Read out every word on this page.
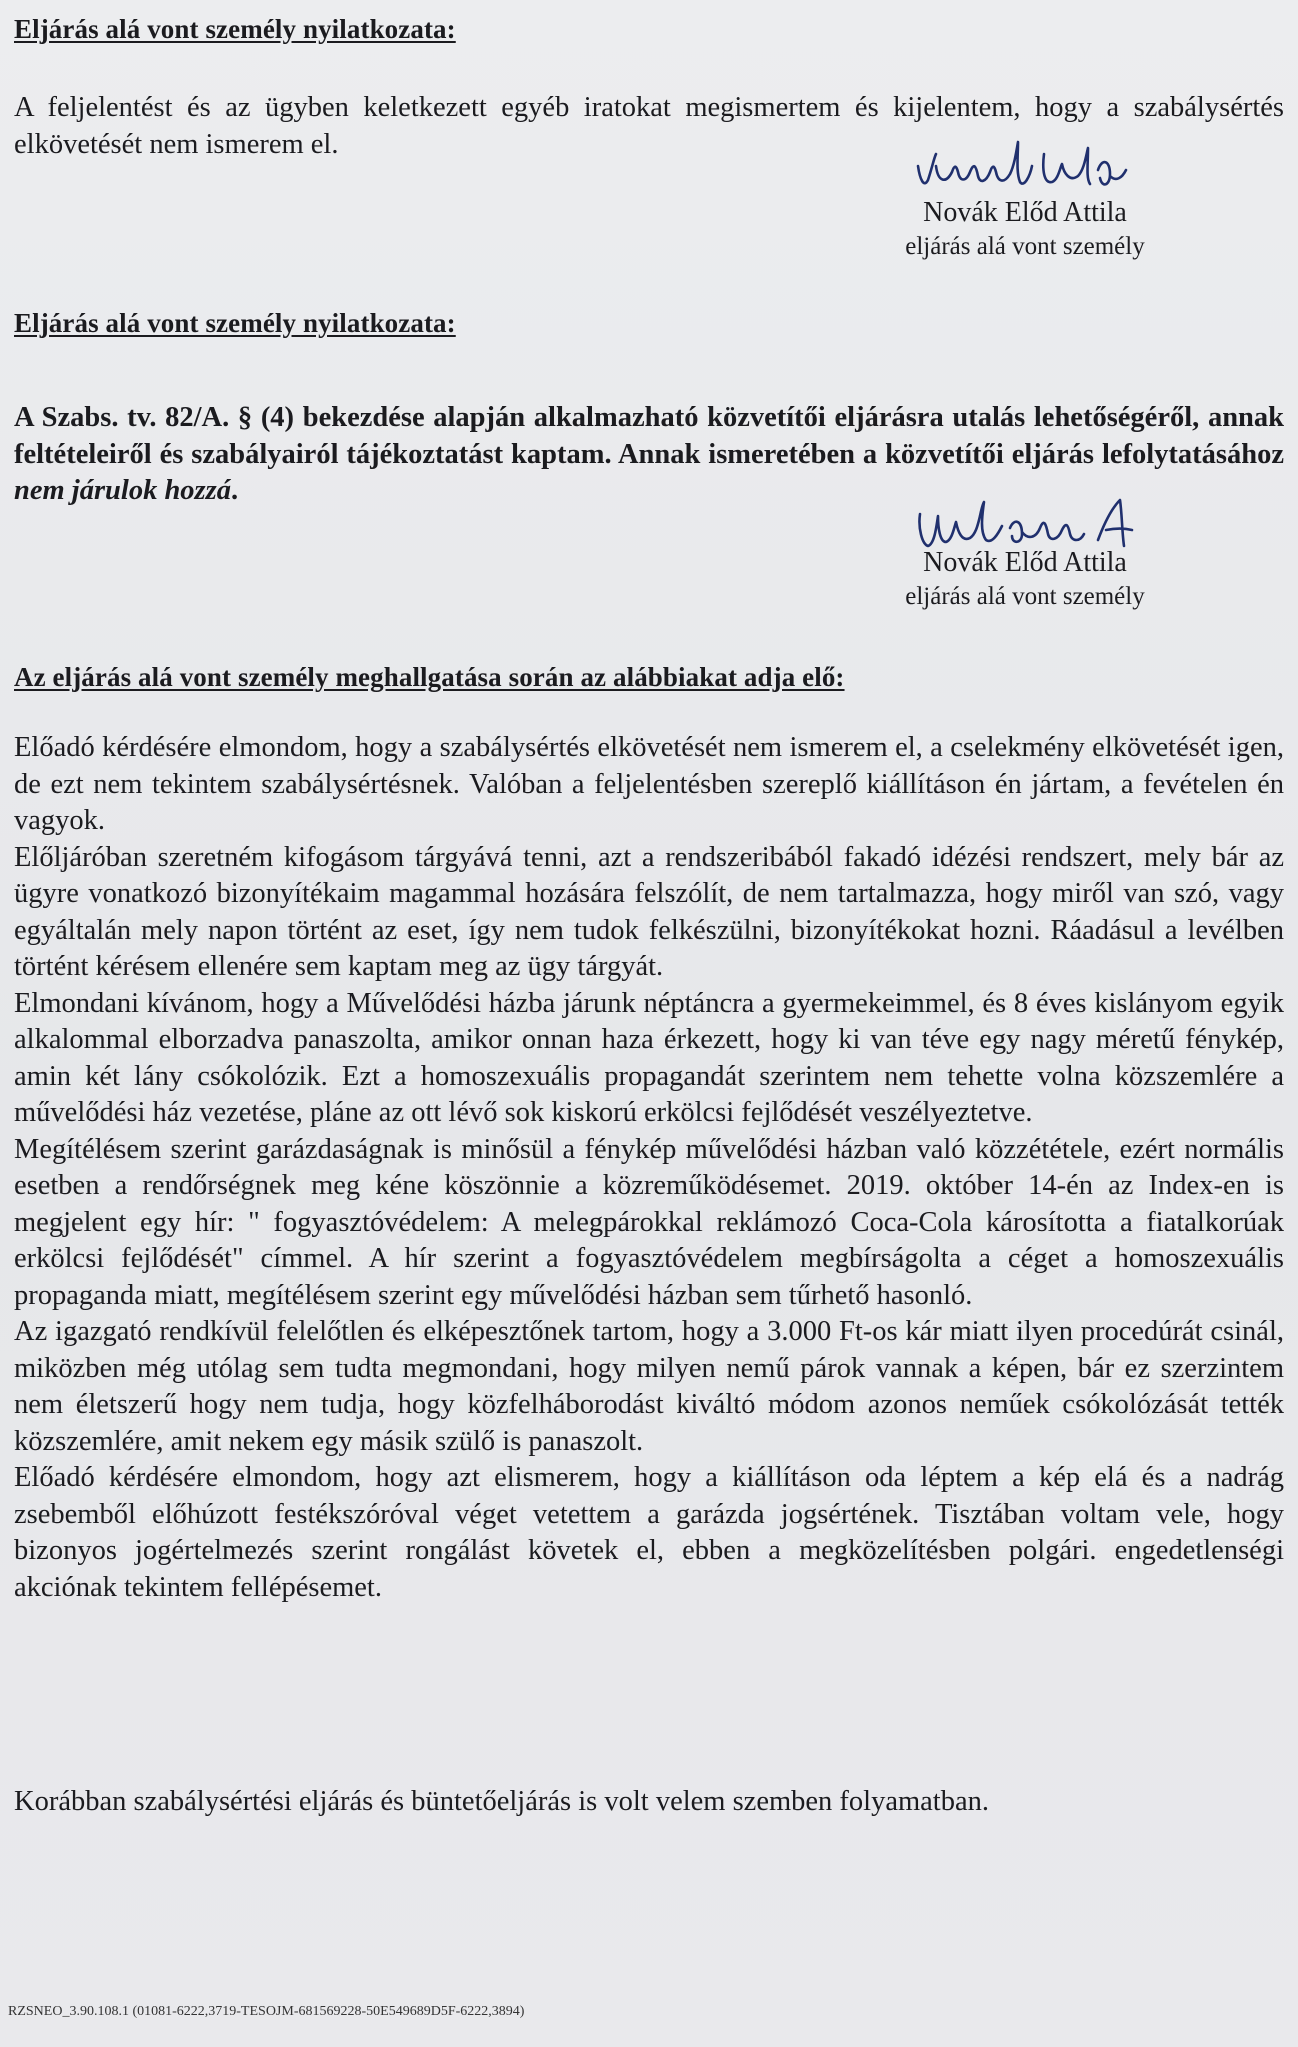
Eljárás alá vont személy nyilatkozata:
A feljelentést és az ügyben keletkezett egyéb iratokat megismertem és kijelentem, hogy a szabálysértés elkövetését nem ismerem el.
Novák Előd Attila
eljárás alá vont személy
Eljárás alá vont személy nyilatkozata:
A Szabs. tv. 82/A. § (4) bekezdése alapján alkalmazható közvetítői eljárásra utalás lehetőségéről, annak feltételeiről és szabályairól tájékoztatást kaptam. Annak ismeretében a közvetítői eljárás lefolytatásához nem járulok hozzá.
Novák Előd Attila
eljárás alá vont személy
Az eljárás alá vont személy meghallgatása során az alábbiakat adja elő:
Előadó kérdésére elmondom, hogy a szabálysértés elkövetését nem ismerem el, a cselekmény elkövetését igen, de ezt nem tekintem szabálysértésnek. Valóban a feljelentésben szereplő kiállításon én jártam, a fevételen én vagyok.
Előljáróban szeretném kifogásom tárgyává tenni, azt a rendszeribából fakadó idézési rendszert, mely bár az ügyre vonatkozó bizonyítékaim magammal hozására felszólít, de nem tartalmazza, hogy miről van szó, vagy egyáltalán mely napon történt az eset, így nem tudok felkészülni, bizonyítékokat hozni. Ráadásul a levélben történt kérésem ellenére sem kaptam meg az ügy tárgyát.
Elmondani kívánom, hogy a Művelődési házba járunk néptáncra a gyermekeimmel, és 8 éves kislányom egyik alkalommal elborzadva panaszolta, amikor onnan haza érkezett, hogy ki van téve egy nagy méretű fénykép, amin két lány csókolózik. Ezt a homoszexuális propagandát szerintem nem tehette volna közszemlére a művelődési ház vezetése, pláne az ott lévő sok kiskorú erkölcsi fejlődését veszélyeztetve.
Megítélésem szerint garázdaságnak is minősül a fénykép művelődési házban való közzététele, ezért normális esetben a rendőrségnek meg kéne köszönnie a közreműködésemet. 2019. október 14-én az Index-en is megjelent egy hír: " fogyasztóvédelem: A melegpárokkal reklámozó Coca-Cola károsította a fiatalkorúak erkölcsi fejlődését" címmel. A hír szerint a fogyasztóvédelem megbírságolta a céget a homoszexuális propaganda miatt, megítélésem szerint egy művelődési házban sem tűrhető hasonló.
Az igazgató rendkívül felelőtlen és elképesztőnek tartom, hogy a 3.000 Ft-os kár miatt ilyen procedúrát csinál, miközben még utólag sem tudta megmondani, hogy milyen nemű párok vannak a képen, bár ez szerzintem nem életszerű hogy nem tudja, hogy közfelháborodást kiváltó módom azonos neműek csókolózását tették közszemlére, amit nekem egy másik szülő is panaszolt.
Előadó kérdésére elmondom, hogy azt elismerem, hogy a kiállításon oda léptem a kép elá és a nadrág zsebemből előhúzott festékszóróval véget vetettem a garázda jogsértének. Tisztában voltam vele, hogy bizonyos jogértelmezés szerint rongálást követek el, ebben a megközelítésben polgári. engedetlenségi akciónak tekintem fellépésemet.
Korábban szabálysértési eljárás és büntetőeljárás is volt velem szemben folyamatban.
RZSNEO_3.90.108.1 (01081-6222,3719-TESOJM-681569228-50E549689D5F-6222,3894)
